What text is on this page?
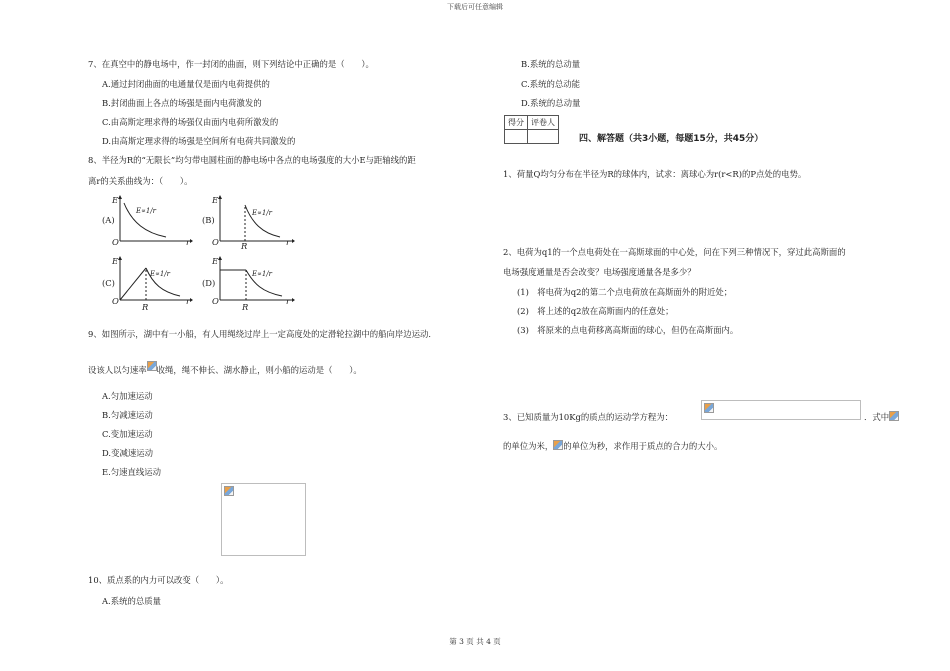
下载后可任意编辑
7、在真空中的静电场中，作一封闭的曲面，则下列结论中正确的是（　　）。
A.通过封闭曲面的电通量仅是面内电荷提供的
B.封闭曲面上各点的场强是面内电荷激发的
C.由高斯定理求得的场强仅由面内电荷所激发的
D.由高斯定理求得的场强是空间所有电荷共同激发的
8、半径为R的“无限长”均匀带电圆柱面的静电场中各点的电场强度的大小E与距轴线的距
离r的关系曲线为：（　　）。
E
(A)
E∝1/r
O	r
E
(B)
E∝1/r
O	R	r
E
(C)
E∝1/r
O
R
r
E
(D)
E∝1/r
O
R
r
9、如图所示，湖中有一小船，有人用绳绕过岸上一定高度处的定滑轮拉湖中的船向岸边运动．
设该人以匀速率 收绳，绳不伸长、湖水静止，则小船的运动是（　　）。
A.匀加速运动
B.匀减速运动
C.变加速运动
D.变减速运动
E.匀速直线运动
10、质点系的内力可以改变（　　）。
A.系统的总质量
B.系统的总动量
C.系统的总动能
D.系统的总动量
得分	评卷人

四、解答题（共3小题，每题15分，共45分）
1、荷量Q均匀分布在半径为R的球体内，试求：离球心为r(r<R)的P点处的电势。
2、电荷为q1的一个点电荷处在一高斯球面的中心处，问在下列三种情况下，穿过此高斯面的
电场强度通量是否会改变？电场强度通量各是多少？
(1)　将电荷为q2的第二个点电荷放在高斯面外的附近处；
(2)　将上述的q2放在高斯面内的任意处；
(3)　将原来的点电荷移离高斯面的球心，但仍在高斯面内。
3、已知质量为10Kg的质点的运动学方程为：	．式中
的单位为米， 的单位为秒，求作用于质点的合力的大小。
第 3 页 共 4 页
